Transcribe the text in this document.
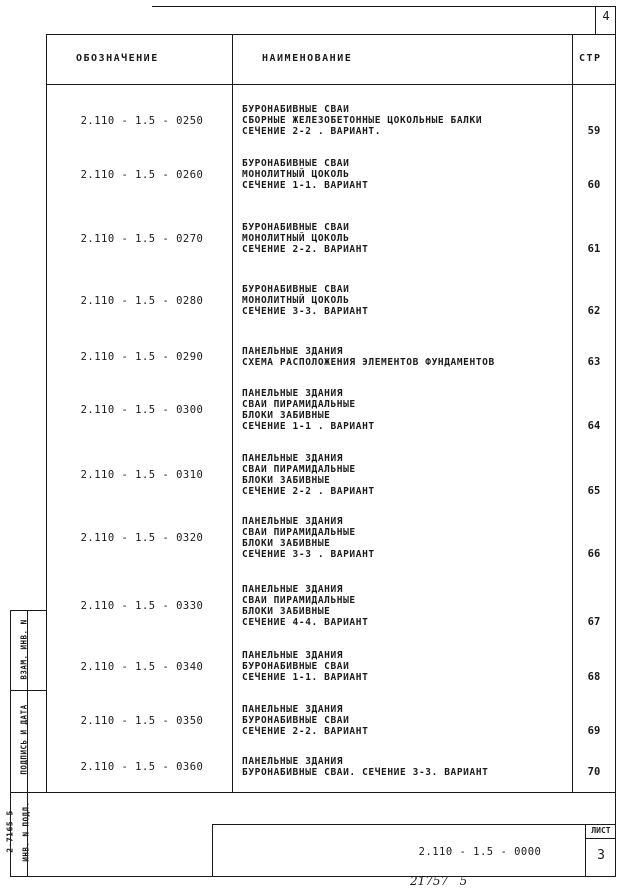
4
ОБОЗНАЧЕНИЕ	НАИМЕНОВАНИЕ	СТР
2.110 - 1.5 - 0250
БУРОНАБИВНЫЕ СВАИ
СБОРНЫЕ ЖЕЛЕЗОБЕТОННЫЕ ЦОКОЛЬНЫЕ БАЛКИ
СЕЧЕНИЕ 2-2 . ВАРИАНТ.	59
2.110 - 1.5 - 0260
БУРОНАБИВНЫЕ СВАИ
МОНОЛИТНЫЙ ЦОКОЛЬ
СЕЧЕНИЕ 1-1. ВАРИАНТ	60
2.110 - 1.5 - 0270
БУРОНАБИВНЫЕ СВАИ
МОНОЛИТНЫЙ ЦОКОЛЬ
СЕЧЕНИЕ 2-2. ВАРИАНТ	61
2.110 - 1.5 - 0280
БУРОНАБИВНЫЕ СВАИ
МОНОЛИТНЫЙ ЦОКОЛЬ
СЕЧЕНИЕ 3-3. ВАРИАНТ	62
2.110 - 1.5 - 0290	ПАНЕЛЬНЫЕ ЗДАНИЯ
СХЕМА РАСПОЛОЖЕНИЯ ЭЛЕМЕНТОВ ФУНДАМЕНТОВ	63
2.110 - 1.5 - 0300
ПАНЕЛЬНЫЕ ЗДАНИЯ
СВАИ ПИРАМИДАЛЬНЫЕ
БЛОКИ ЗАБИВНЫЕ
СЕЧЕНИЕ 1-1 . ВАРИАНТ	64
2.110 - 1.5 - 0310
ПАНЕЛЬНЫЕ ЗДАНИЯ
СВАИ ПИРАМИДАЛЬНЫЕ
БЛОКИ ЗАБИВНЫЕ
СЕЧЕНИЕ 2-2 . ВАРИАНТ	65
2.110 - 1.5 - 0320
ПАНЕЛЬНЫЕ ЗДАНИЯ
СВАИ ПИРАМИДАЛЬНЫЕ
БЛОКИ ЗАБИВНЫЕ
СЕЧЕНИЕ 3-3 . ВАРИАНТ	66
2.110 - 1.5 - 0330
ПАНЕЛЬНЫЕ ЗДАНИЯ
СВАИ ПИРАМИДАЛЬНЫЕ
БЛОКИ ЗАБИВНЫЕ
СЕЧЕНИЕ 4-4. ВАРИАНТ	67
2.110 - 1.5 - 0340
ПАНЕЛЬНЫЕ ЗДАНИЯ
БУРОНАБИВНЫЕ СВАИ
СЕЧЕНИЕ 1-1. ВАРИАНТ	68
2.110 - 1.5 - 0350
ПАНЕЛЬНЫЕ ЗДАНИЯ
БУРОНАБИВНЫЕ СВАИ
СЕЧЕНИЕ 2-2. ВАРИАНТ	69
2.110 - 1.5 - 0360	ПАНЕЛЬНЫЕ ЗДАНИЯ
БУРОНАБИВНЫЕ СВАИ. СЕЧЕНИЕ 3-3. ВАРИАНТ	70
ИНВ. N ПОДЛ.
2-7165-5
ПОДПИСЬ И ДАТА
ВЗАМ. ИНВ. N
2.110 - 1.5 - 0000
ЛИСТ
3
21757   5
